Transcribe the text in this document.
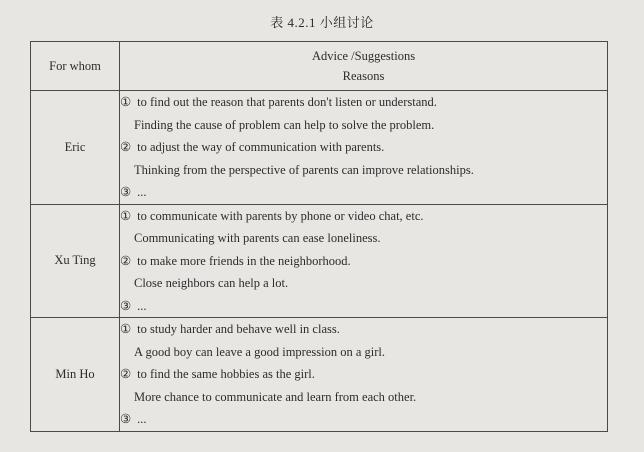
表 4.2.1 小组讨论
For whom	Advice /Suggestions
Reasons

Eric	① to find out the reason that parents don't listen or understand.
Finding the cause of problem can help to solve the problem.
② to adjust the way of communication with parents.
Thinking from the perspective of parents can improve relationships.
③ ...

Xu Ting	① to communicate with parents by phone or video chat, etc.
Communicating with parents can ease loneliness.
② to make more friends in the neighborhood.
Close neighbors can help a lot.
③ ...

Min Ho	① to study harder and behave well in class.
A good boy can leave a good impression on a girl.
② to find the same hobbies as the girl.
More chance to communicate and learn from each other.
③ ...
